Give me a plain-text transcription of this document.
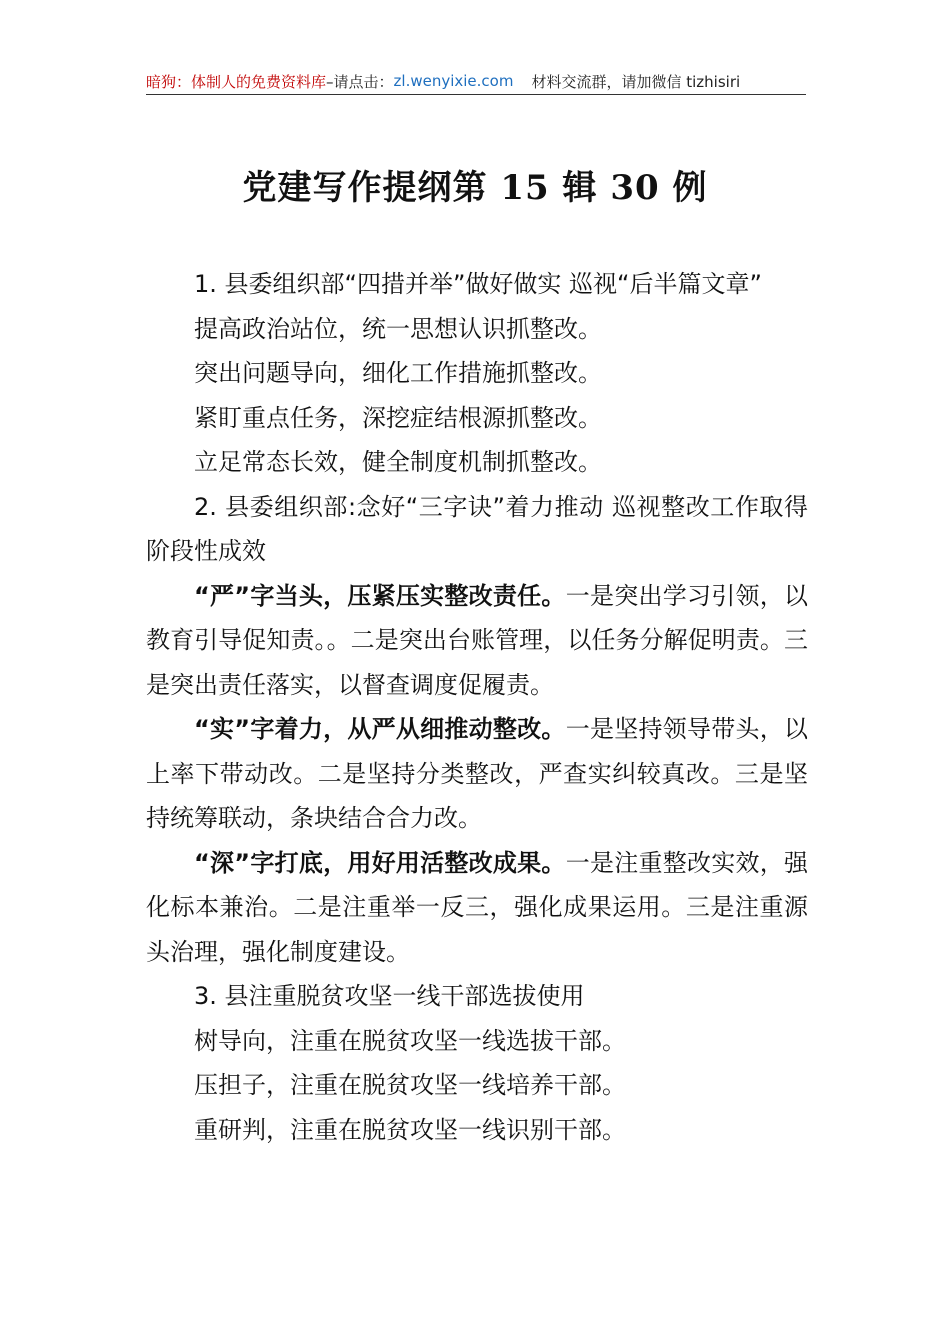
暗狗：体制人的免费资料库 –请点击： zl.wenyixie.com 材料交流群，请加微信 tizhisiri
党建写作提纲第 15 辑 30 例

1. 县委组织部“四措并举”做好做实 巡视“后半篇文章”

提高政治站位，统一思想认识抓整改。

突出问题导向，细化工作措施抓整改。

紧盯重点任务，深挖症结根源抓整改。

立足常态长效，健全制度机制抓整改。

2. 县委组织部:念好“三字诀”着力推动 巡视整改工作取得阶段性成效

“严”字当头，压紧压实整改责任。一是突出学习引领，以教育引导促知责。。二是突出台账管理，以任务分解促明责。三是突出责任落实，以督查调度促履责。

“实”字着力，从严从细推动整改。一是坚持领导带头，以上率下带动改。二是坚持分类整改，严查实纠较真改。三是坚持统筹联动，条块结合合力改。

“深”字打底，用好用活整改成果。一是注重整改实效，强化标本兼治。二是注重举一反三，强化成果运用。三是注重源头治理，强化制度建设。

3. 县注重脱贫攻坚一线干部选拔使用

树导向，注重在脱贫攻坚一线选拔干部。

压担子，注重在脱贫攻坚一线培养干部。

重研判，注重在脱贫攻坚一线识别干部。
